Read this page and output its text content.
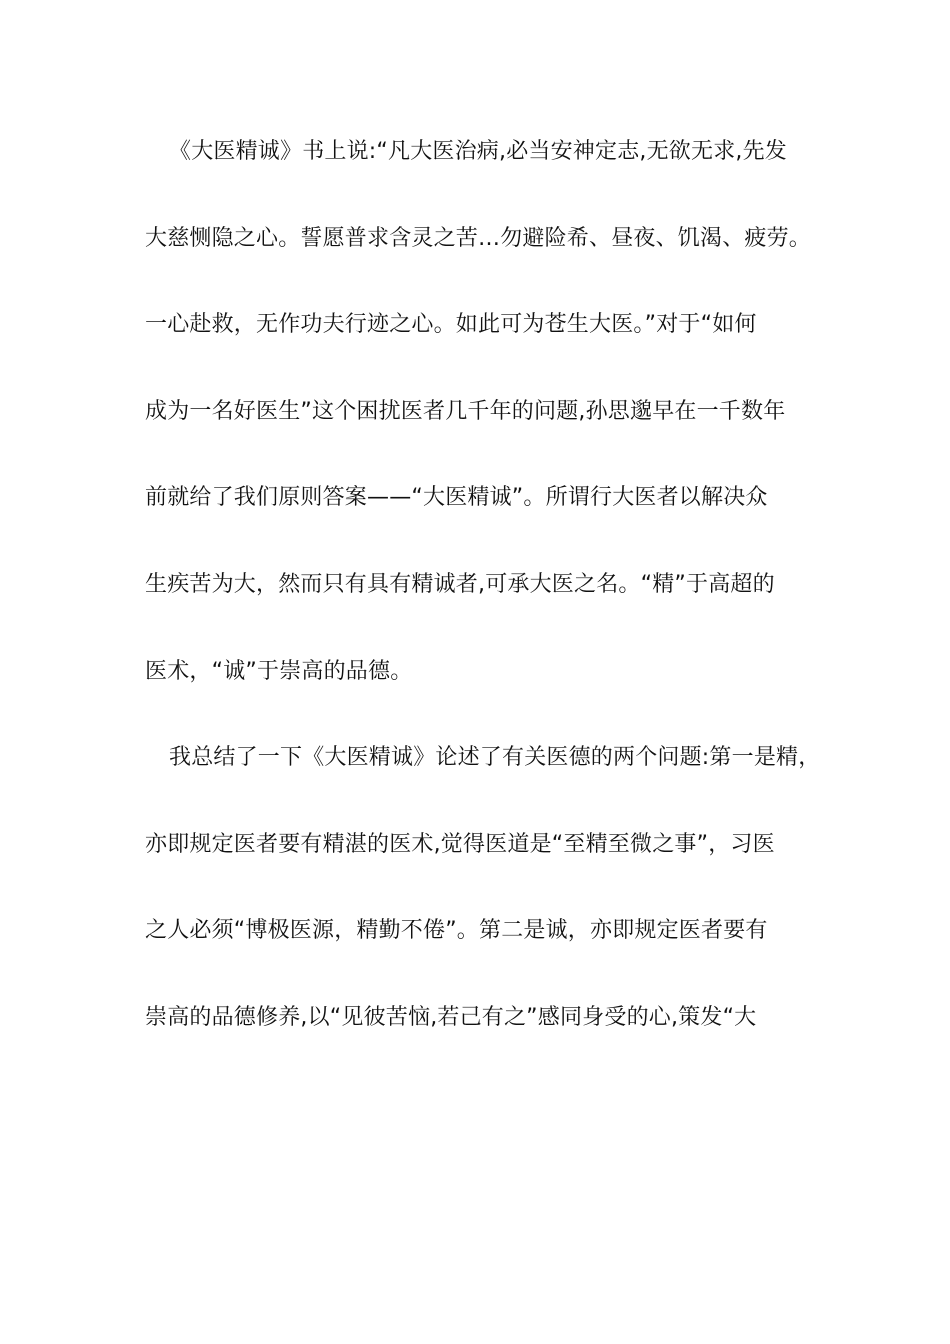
《大医精诚》书上说:“凡大医治病,必当安神定志,无欲无求,先发
大慈恻隐之心。誓愿普求含灵之苦…勿避险希、昼夜、饥渴、疲劳。
一心赴救，无作功夫行迹之心。如此可为苍生大医。”对于“如何
成为一名好医生”这个困扰医者几千年的问题,孙思邈早在一千数年
前就给了我们原则答案——“大医精诚”。所谓行大医者以解决众
生疾苦为大，然而只有具有精诚者,可承大医之名。“精”于高超的
医术，“诚”于崇高的品德。
我总结了一下《大医精诚》论述了有关医德的两个问题:第一是精，
亦即规定医者要有精湛的医术,觉得医道是“至精至微之事”，习医
之人必须“博极医源，精勤不倦”。第二是诚，亦即规定医者要有
崇高的品德修养,以“见彼苦恼,若己有之”感同身受的心,策发“大
